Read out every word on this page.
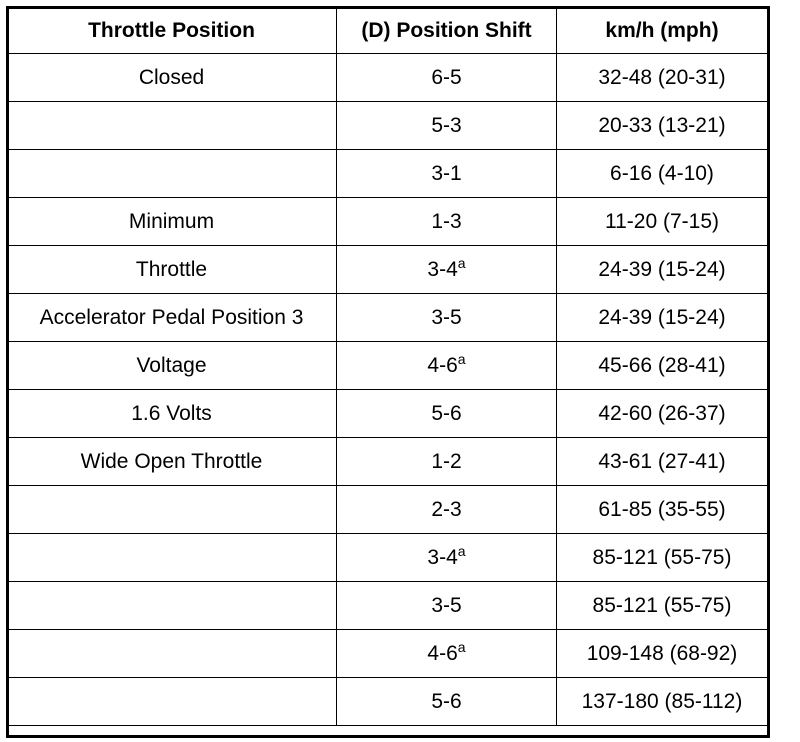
Throttle Position	(D) Position Shift	km/h (mph)
Closed	6-5	32-48 (20-31)
	5-3	20-33 (13-21)
	3-1	6-16 (4-10)
Minimum	1-3	11-20 (7-15)
Throttle	3-4$^a$	24-39 (15-24)
Accelerator Pedal Position 3	3-5	24-39 (15-24)
Voltage	4-6$^a$	45-66 (28-41)
1.6 Volts	5-6	42-60 (26-37)
Wide Open Throttle	1-2	43-61 (27-41)
	2-3	61-85 (35-55)
	3-4$^a$	85-121 (55-75)
	3-5	85-121 (55-75)
	4-6$^a$	109-148 (68-92)
	5-6	137-180 (85-112)
